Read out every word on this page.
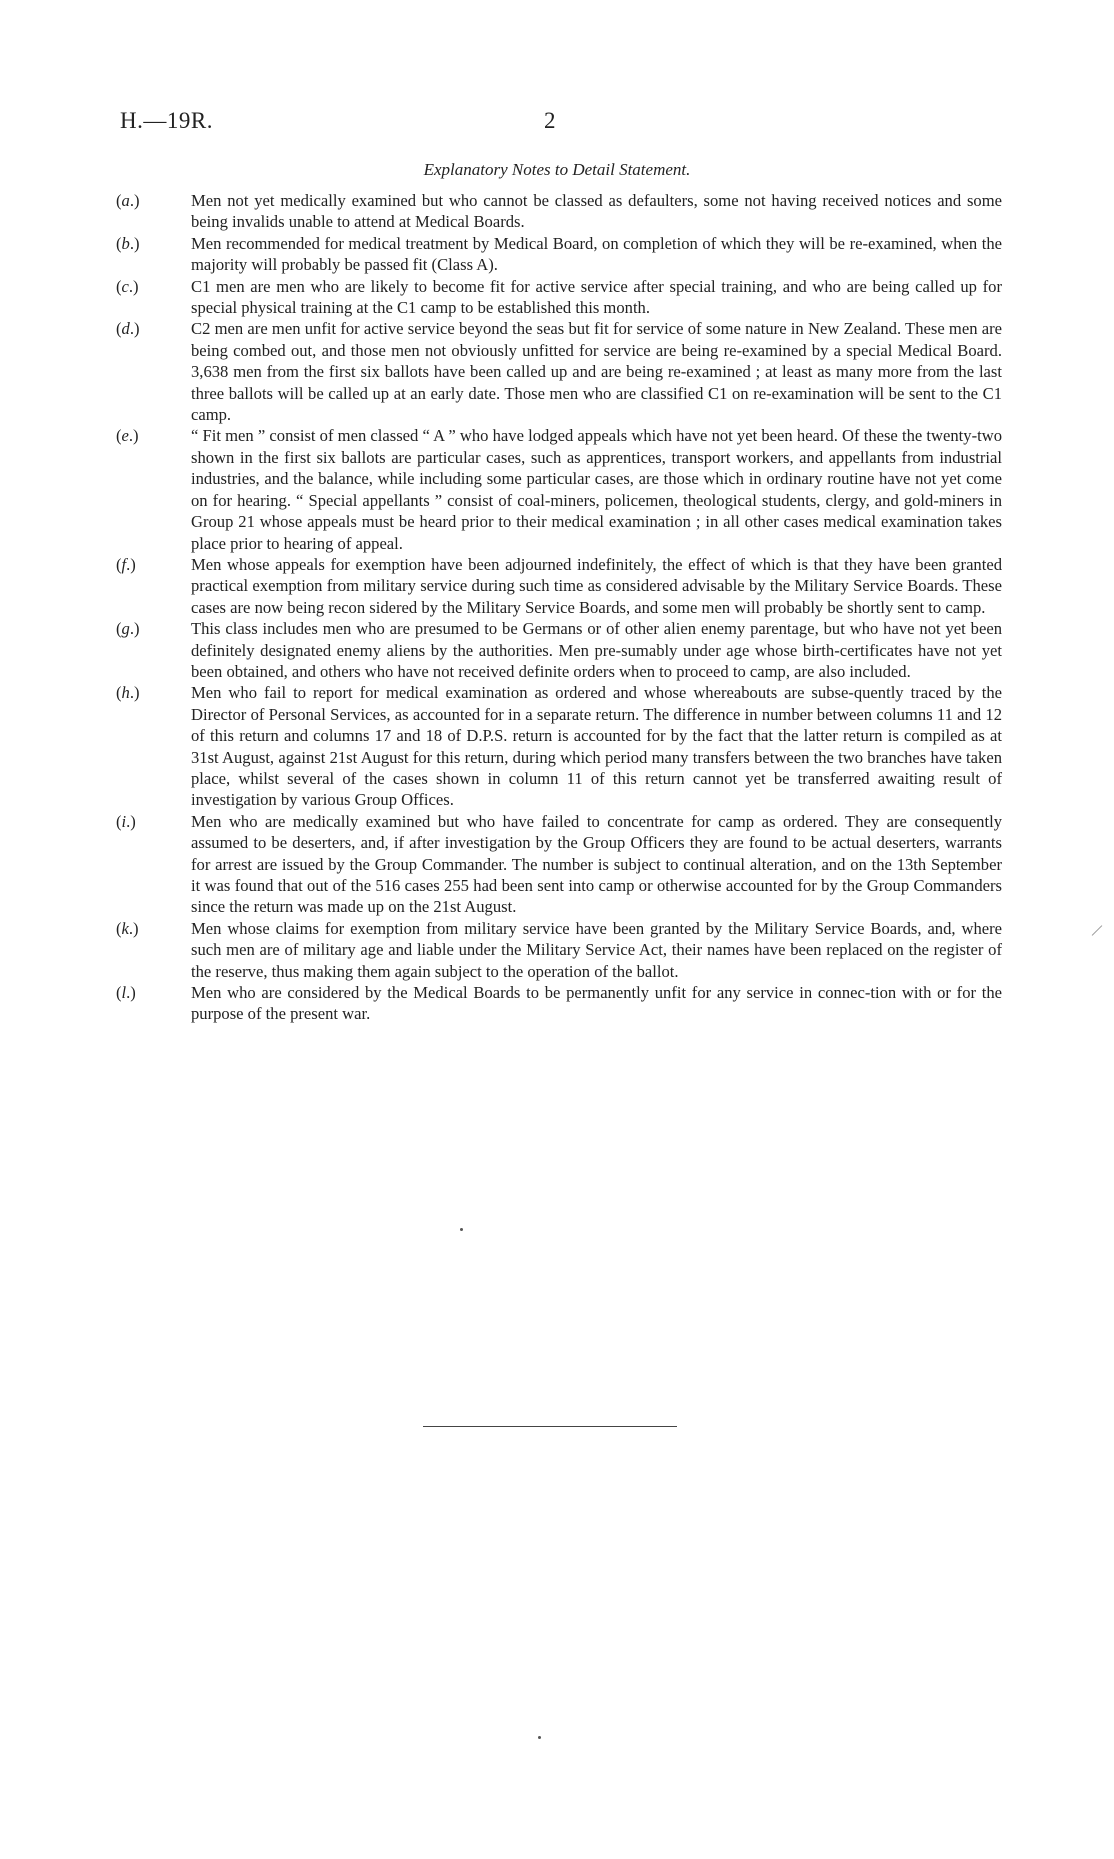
H.—19R.	2
Explanatory Notes to Detail Statement.

(a.)	Men not yet medically examined but who cannot be classed as defaulters, some not having received notices and some being invalids unable to attend at Medical Boards.

(b.)	Men recommended for medical treatment by Medical Board, on completion of which they will be re-examined, when the majority will probably be passed fit (Class A).

(c.)	C1 men are men who are likely to become fit for active service after special training, and who are being called up for special physical training at the C1 camp to be established this month.

(d.)	C2 men are men unfit for active service beyond the seas but fit for service of some nature in New Zealand. These men are being combed out, and those men not obviously unfitted for service are being re-examined by a special Medical Board. 3,638 men from the first six ballots have been called up and are being re-examined ; at least as many more from the last three ballots will be called up at an early date. Those men who are classified C1 on re-examination will be sent to the C1 camp.

(e.)	“ Fit men ” consist of men classed “ A ” who have lodged appeals which have not yet been heard. Of these the twenty-two shown in the first six ballots are particular cases, such as apprentices, transport workers, and appellants from industrial industries, and the balance, while including some particular cases, are those which in ordinary routine have not yet come on for hearing. “ Special appellants ” consist of coal-miners, policemen, theological students, clergy, and gold-miners in Group 21 whose appeals must be heard prior to their medical examination ; in all other cases medical examination takes place prior to hearing of appeal.

(f.)	Men whose appeals for exemption have been adjourned indefinitely, the effect of which is that they have been granted practical exemption from military service during such time as considered advisable by the Military Service Boards. These cases are now being recon sidered by the Military Service Boards, and some men will probably be shortly sent to camp.

(g.)	This class includes men who are presumed to be Germans or of other alien enemy parentage, but who have not yet been definitely designated enemy aliens by the authorities. Men pre-sumably under age whose birth-certificates have not yet been obtained, and others who have not received definite orders when to proceed to camp, are also included.

(h.)	Men who fail to report for medical examination as ordered and whose whereabouts are subse-quently traced by the Director of Personal Services, as accounted for in a separate return. The difference in number between columns 11 and 12 of this return and columns 17 and 18 of D.P.S. return is accounted for by the fact that the latter return is compiled as at 31st August, against 21st August for this return, during which period many transfers between the two branches have taken place, whilst several of the cases shown in column 11 of this return cannot yet be transferred awaiting result of investigation by various Group Offices.

(i.)	Men who are medically examined but who have failed to concentrate for camp as ordered. They are consequently assumed to be deserters, and, if after investigation by the Group Officers they are found to be actual deserters, warrants for arrest are issued by the Group Commander. The number is subject to continual alteration, and on the 13th September it was found that out of the 516 cases 255 had been sent into camp or otherwise accounted for by the Group Commanders since the return was made up on the 21st August.

(k.)	Men whose claims for exemption from military service have been granted by the Military Service Boards, and, where such men are of military age and liable under the Military Service Act, their names have been replaced on the register of the reserve, thus making them again subject to the operation of the ballot.

(l.)	Men who are considered by the Medical Boards to be permanently unfit for any service in connec-tion with or for the purpose of the present war.
